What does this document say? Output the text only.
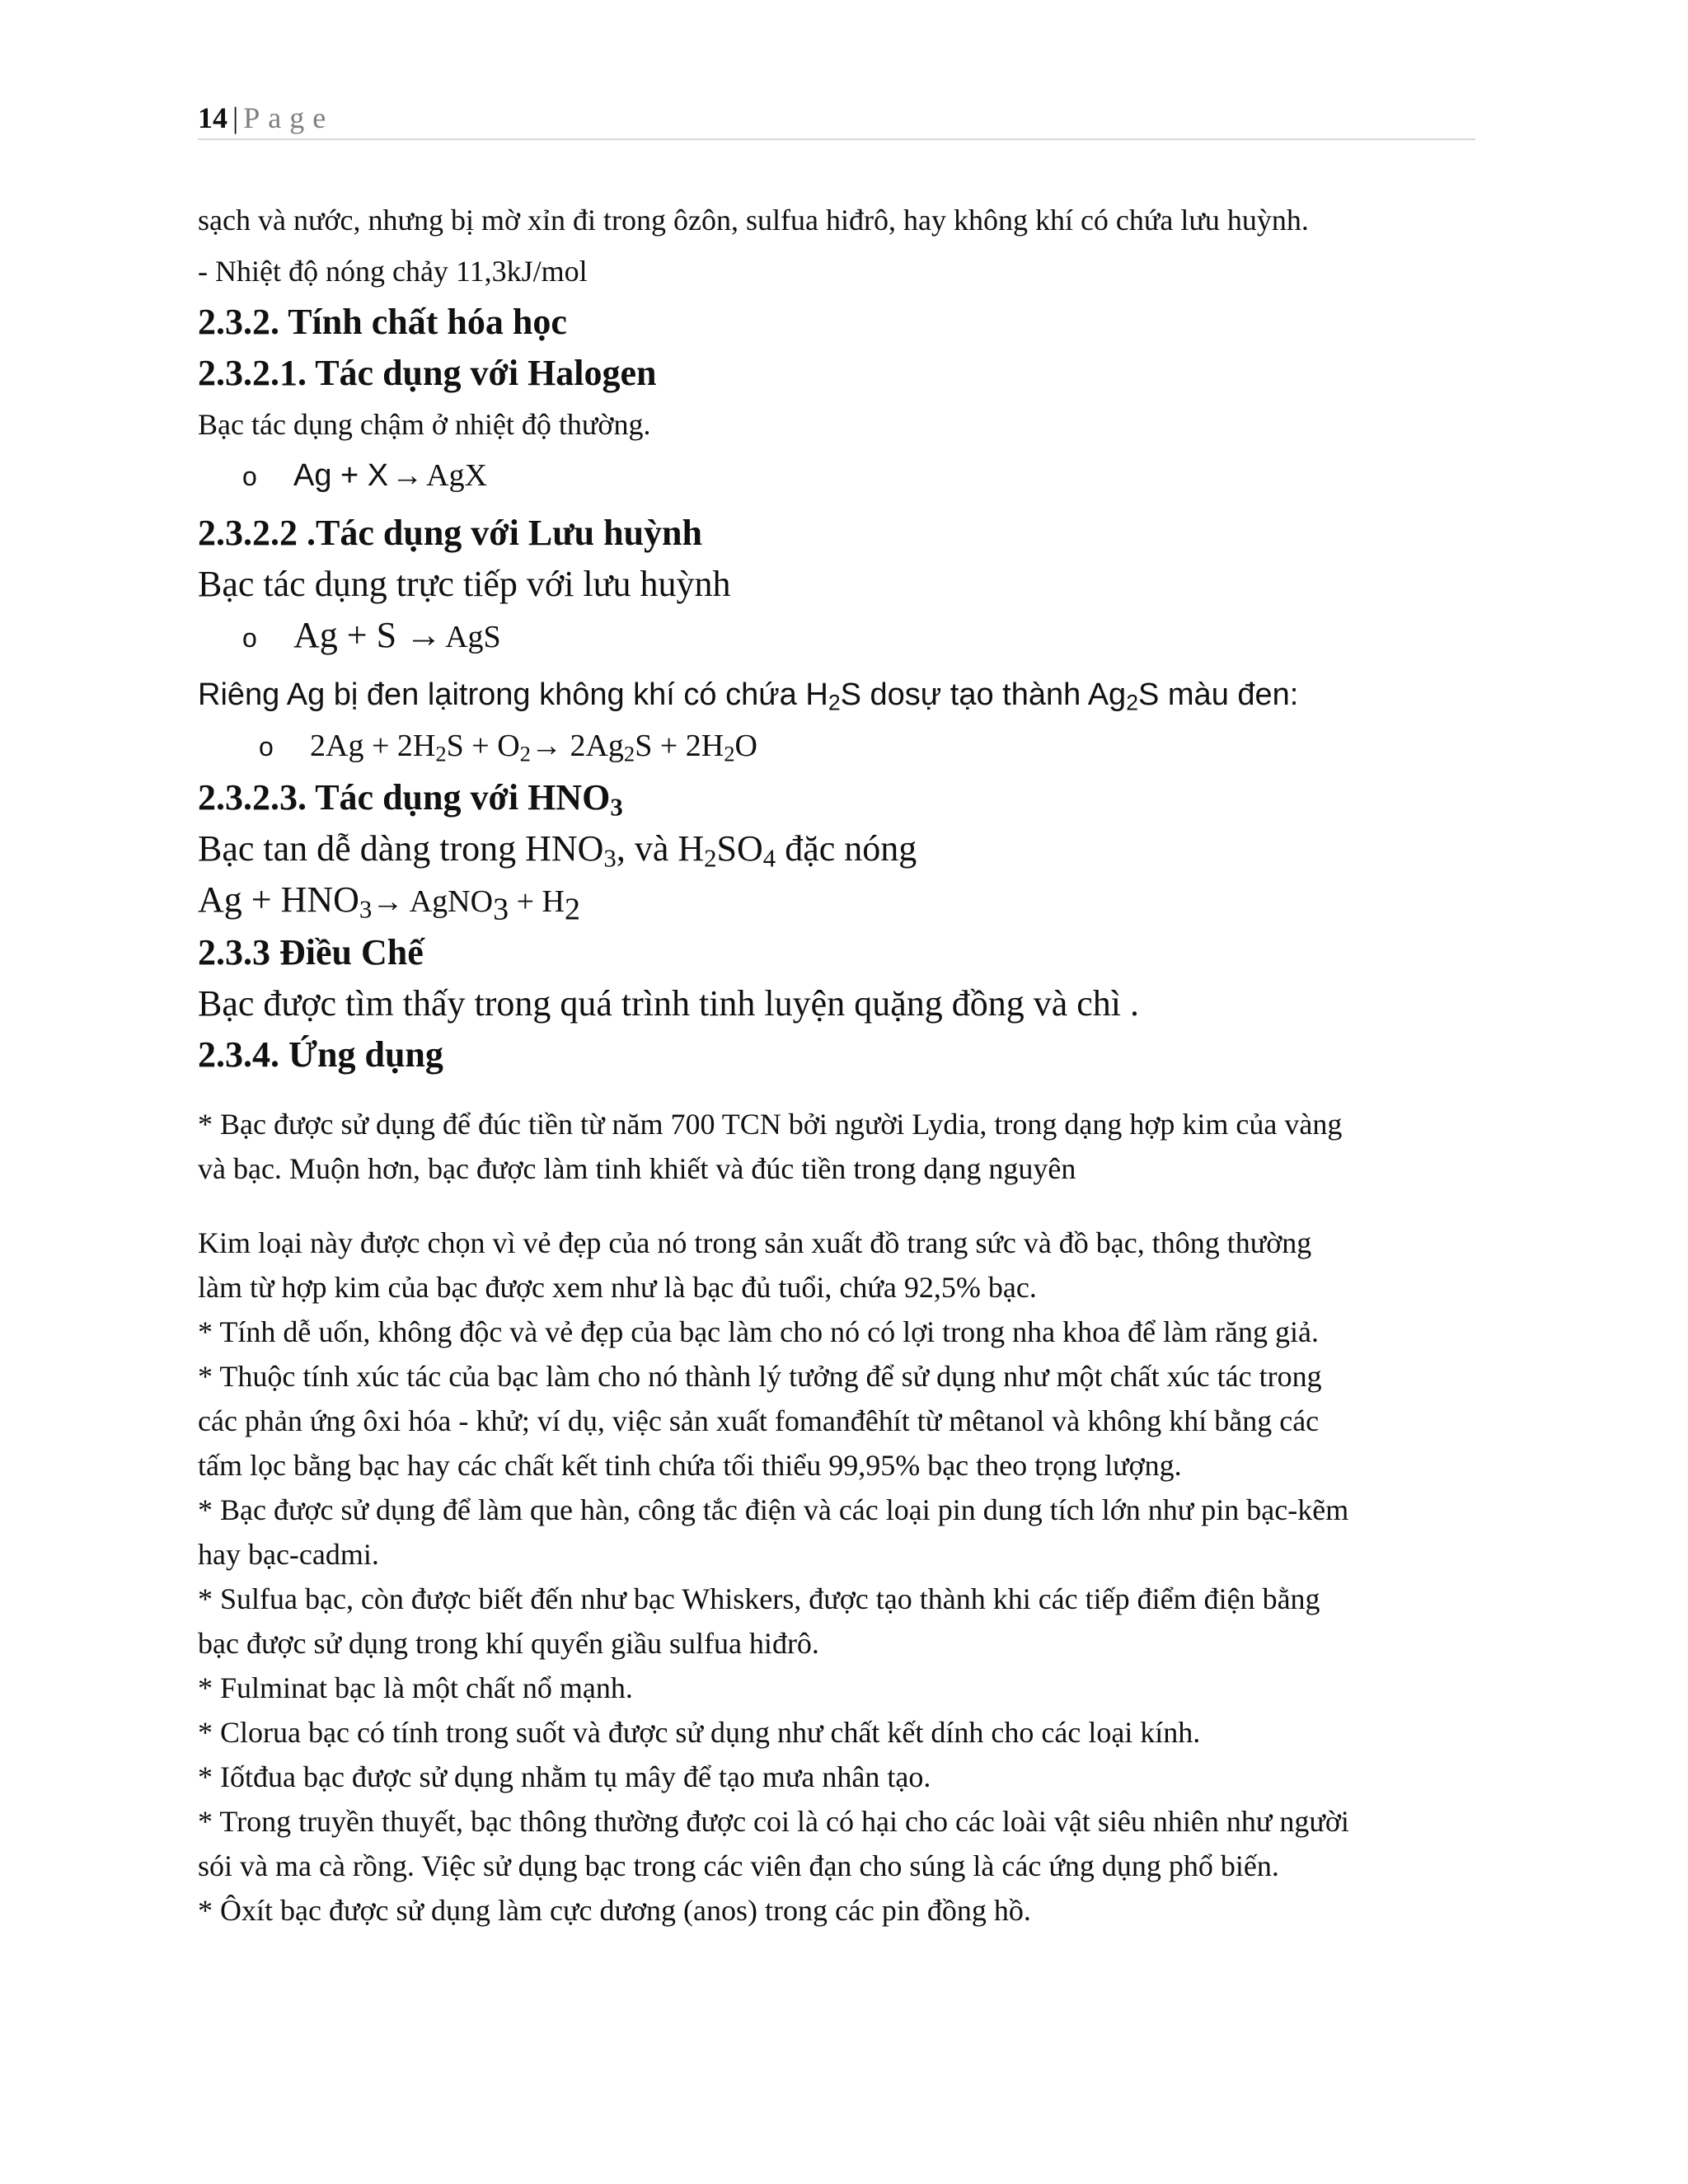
14 | Page

sạch và nước, nhưng bị mờ xỉn đi trong ôzôn, sulfua hiđrô, hay không khí có chứa lưu huỳnh.

- Nhiệt độ nóng chảy 11,3kJ/mol

2.3.2. Tính chất hóa học

2.3.2.1. Tác dụng với Halogen

Bạc tác dụng chậm ở nhiệt độ thường.

o	Ag + X
→
AgX

2.3.2.2 .Tác dụng với Lưu huỳnh

Bạc tác dụng trực tiếp với lưu huỳnh

o	Ag + S →
AgS

Riêng Ag bị đen lạitrong không khí có chứa $H_2S$ dosự tạo thành $Ag_2S$ màu đen:

o	$2Ag + 2H_2S + O_2\to 2Ag_2S + 2H_2O$

2.3.2.3. Tác dụng với $HNO_3$

Bạc tan dễ dàng trong $HNO_3$, và $H_2SO_4$ đặc nóng

$Ag + HNO_3\to$ AgNO$_3$ + $H_2$

2.3.3 Điều Chế

Bạc được tìm thấy trong quá trình tinh luyện quặng đồng và chì .

2.3.4. Ứng dụng

* Bạc được sử dụng để đúc tiền từ năm 700 TCN bởi người Lydia, trong dạng hợp kim của vàng

và bạc. Muộn hơn, bạc được làm tinh khiết và đúc tiền trong dạng nguyên

Kim loại này được chọn vì vẻ đẹp của nó trong sản xuất đồ trang sức và đồ bạc, thông thường

làm từ hợp kim của bạc được xem như là bạc đủ tuổi, chứa 92,5% bạc.

* Tính dễ uốn, không độc và vẻ đẹp của bạc làm cho nó có lợi trong nha khoa để làm răng giả.

* Thuộc tính xúc tác của bạc làm cho nó thành lý tưởng để sử dụng như một chất xúc tác trong

các phản ứng ôxi hóa - khử; ví dụ, việc sản xuất fomanđêhít từ mêtanol và không khí bằng các

tấm lọc bằng bạc hay các chất kết tinh chứa tối thiểu 99,95% bạc theo trọng lượng.

* Bạc được sử dụng để làm que hàn, công tắc điện và các loại pin dung tích lớn như pin bạc-kẽm

hay bạc-cadmi.

* Sulfua bạc, còn được biết đến như bạc Whiskers, được tạo thành khi các tiếp điểm điện bằng

bạc được sử dụng trong khí quyển giầu sulfua hiđrô.

* Fulminat bạc là một chất nổ mạnh.

* Clorua bạc có tính trong suốt và được sử dụng như chất kết dính cho các loại kính.

* Iốtđua bạc được sử dụng nhằm tụ mây để tạo mưa nhân tạo.

* Trong truyền thuyết, bạc thông thường được coi là có hại cho các loài vật siêu nhiên như người

sói và ma cà rồng. Việc sử dụng bạc trong các viên đạn cho súng là các ứng dụng phổ biến.

* Ôxít bạc được sử dụng làm cực dương (anos) trong các pin đồng hồ.
